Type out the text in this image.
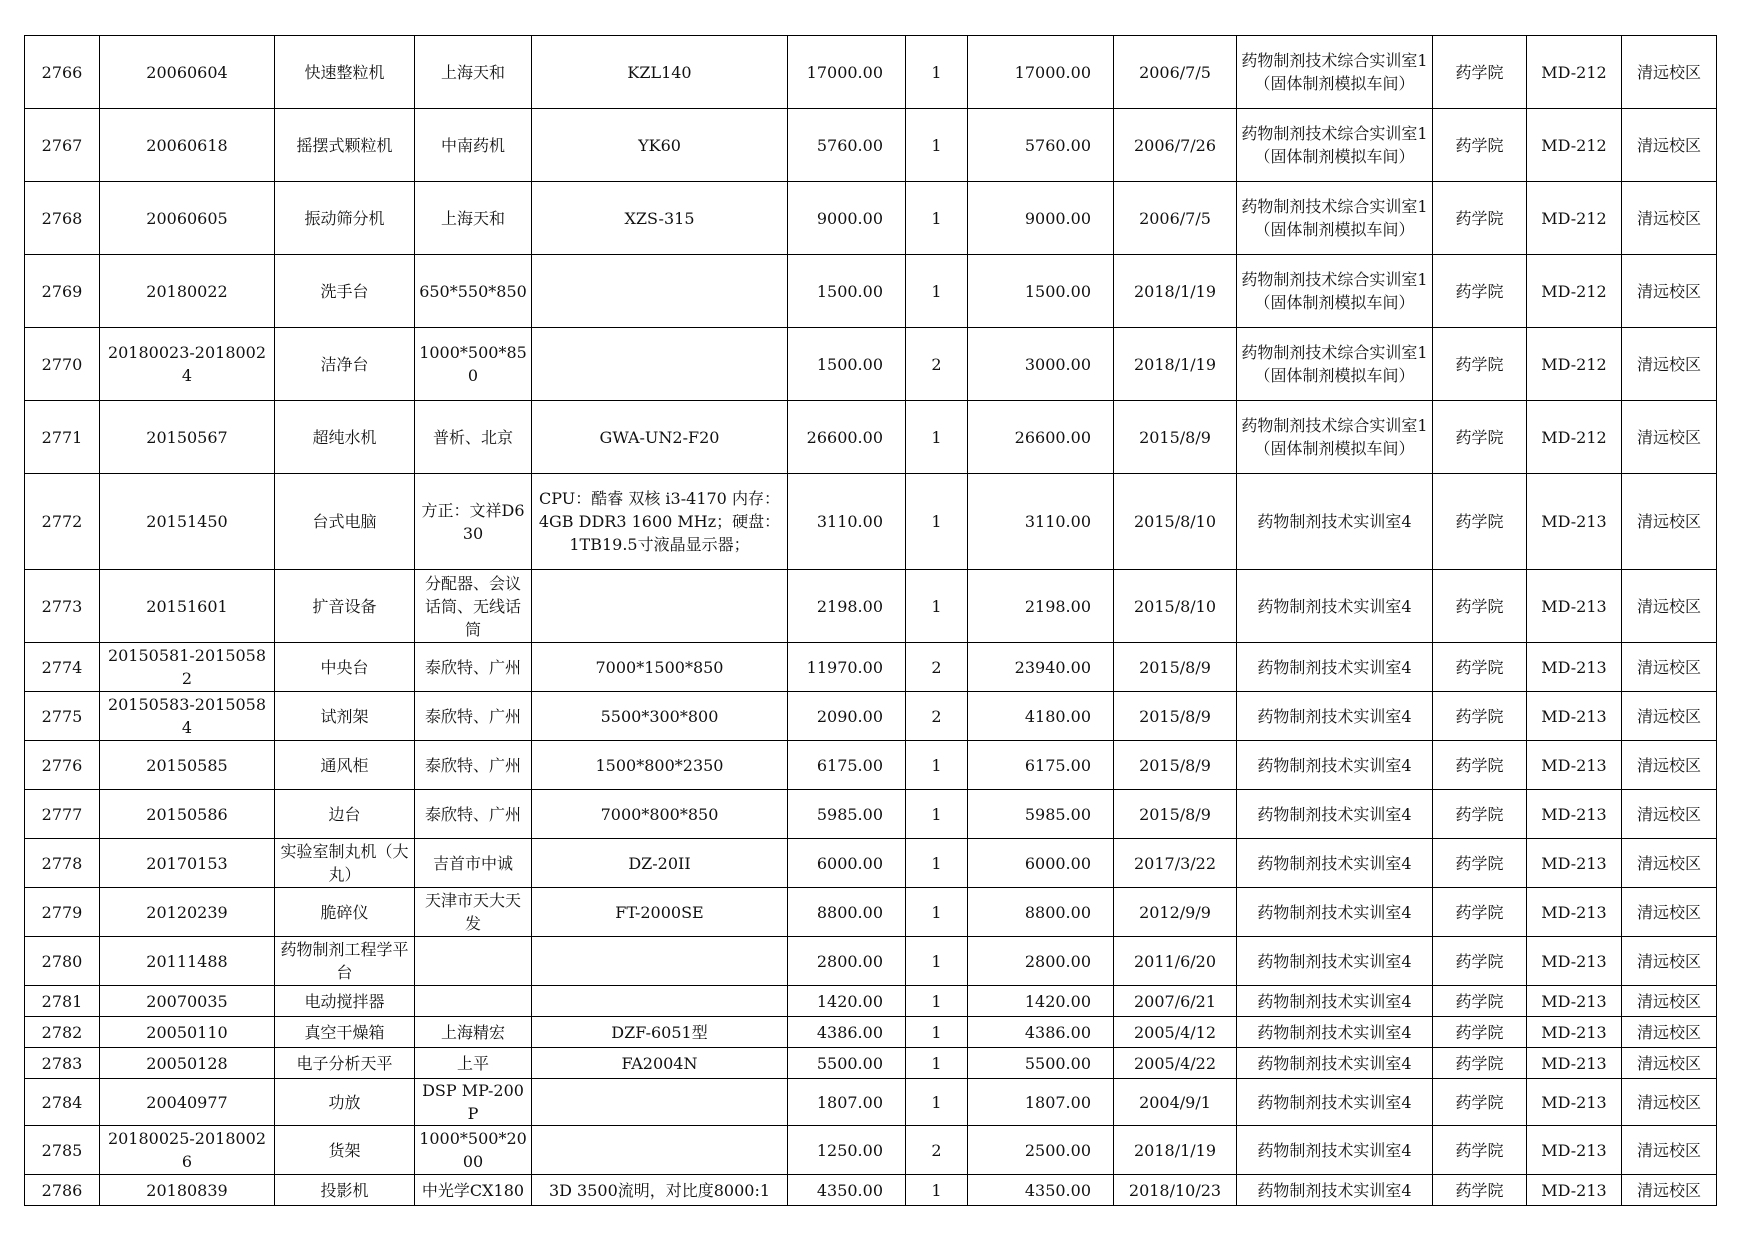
2766	20060604	快速整粒机	上海天和	KZL140	17000.00	1	17000.00	2006/7/5	药物制剂技术综合实训室1（固体制剂模拟车间）	药学院	MD-212	清远校区
2767	20060618	摇摆式颗粒机	中南药机	YK60	5760.00	1	5760.00	2006/7/26	药物制剂技术综合实训室1（固体制剂模拟车间）	药学院	MD-212	清远校区
2768	20060605	振动筛分机	上海天和	XZS-315	9000.00	1	9000.00	2006/7/5	药物制剂技术综合实训室1（固体制剂模拟车间）	药学院	MD-212	清远校区
2769	20180022	洗手台	650*550*850		1500.00	1	1500.00	2018/1/19	药物制剂技术综合实训室1（固体制剂模拟车间）	药学院	MD-212	清远校区
2770	20180023-20180024	洁净台	1000*500*850		1500.00	2	3000.00	2018/1/19	药物制剂技术综合实训室1（固体制剂模拟车间）	药学院	MD-212	清远校区
2771	20150567	超纯水机	普析、北京	GWA-UN2-F20	26600.00	1	26600.00	2015/8/9	药物制剂技术综合实训室1（固体制剂模拟车间）	药学院	MD-212	清远校区
2772	20151450	台式电脑	方正：文祥D630	CPU：酷睿 双核 i3-4170 内存：4GB DDR3 1600 MHz；硬盘：1TB19.5寸液晶显示器；	3110.00	1	3110.00	2015/8/10	药物制剂技术实训室4	药学院	MD-213	清远校区
2773	20151601	扩音设备	分配器、会议话筒、无线话筒		2198.00	1	2198.00	2015/8/10	药物制剂技术实训室4	药学院	MD-213	清远校区
2774	20150581-20150582	中央台	泰欣特、广州	7000*1500*850	11970.00	2	23940.00	2015/8/9	药物制剂技术实训室4	药学院	MD-213	清远校区
2775	20150583-20150584	试剂架	泰欣特、广州	5500*300*800	2090.00	2	4180.00	2015/8/9	药物制剂技术实训室4	药学院	MD-213	清远校区
2776	20150585	通风柜	泰欣特、广州	1500*800*2350	6175.00	1	6175.00	2015/8/9	药物制剂技术实训室4	药学院	MD-213	清远校区
2777	20150586	边台	泰欣特、广州	7000*800*850	5985.00	1	5985.00	2015/8/9	药物制剂技术实训室4	药学院	MD-213	清远校区
2778	20170153	实验室制丸机（大丸）	吉首市中诚	DZ-20II	6000.00	1	6000.00	2017/3/22	药物制剂技术实训室4	药学院	MD-213	清远校区
2779	20120239	脆碎仪	天津市天大天发	FT-2000SE	8800.00	1	8800.00	2012/9/9	药物制剂技术实训室4	药学院	MD-213	清远校区
2780	20111488	药物制剂工程学平台			2800.00	1	2800.00	2011/6/20	药物制剂技术实训室4	药学院	MD-213	清远校区
2781	20070035	电动搅拌器			1420.00	1	1420.00	2007/6/21	药物制剂技术实训室4	药学院	MD-213	清远校区
2782	20050110	真空干燥箱	上海精宏	DZF-6051型	4386.00	1	4386.00	2005/4/12	药物制剂技术实训室4	药学院	MD-213	清远校区
2783	20050128	电子分析天平	上平	FA2004N	5500.00	1	5500.00	2005/4/22	药物制剂技术实训室4	药学院	MD-213	清远校区
2784	20040977	功放	DSP MP-200P		1807.00	1	1807.00	2004/9/1	药物制剂技术实训室4	药学院	MD-213	清远校区
2785	20180025-20180026	货架	1000*500*2000		1250.00	2	2500.00	2018/1/19	药物制剂技术实训室4	药学院	MD-213	清远校区
2786	20180839	投影机	中光学CX180	3D 3500流明，对比度8000:1	4350.00	1	4350.00	2018/10/23	药物制剂技术实训室4	药学院	MD-213	清远校区
